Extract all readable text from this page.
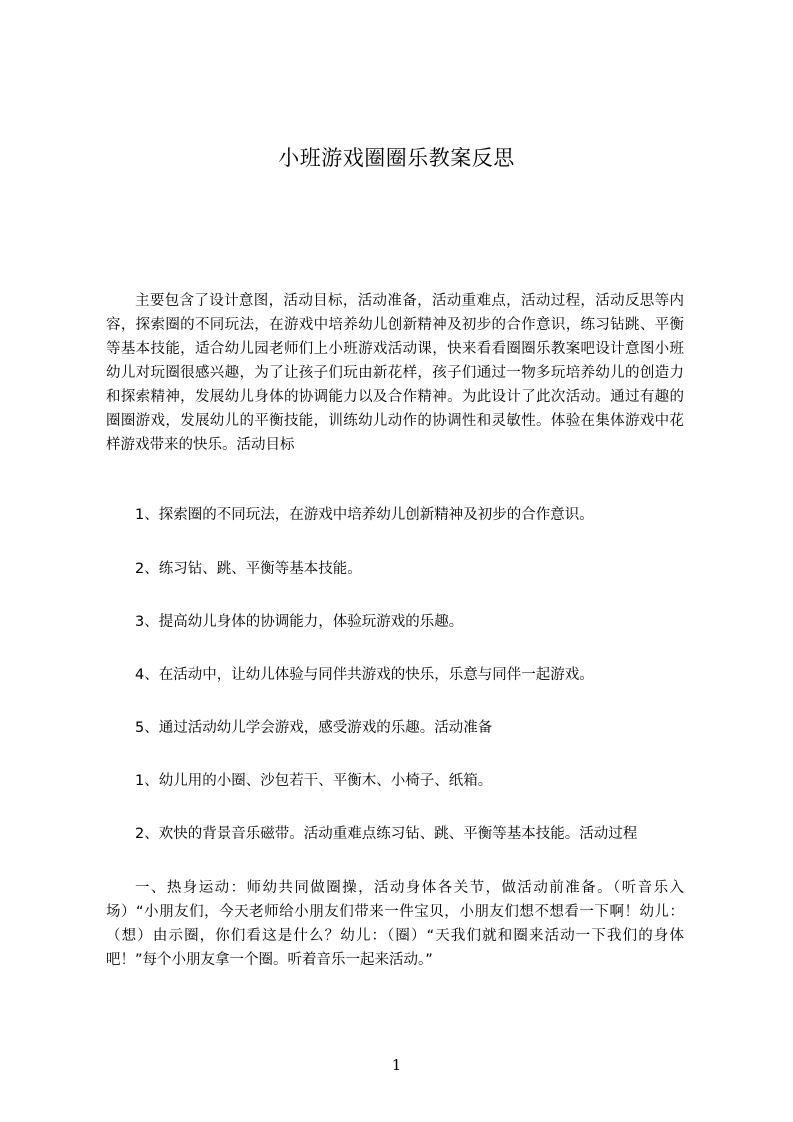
小班游戏圈圈乐教案反思

主要包含了设计意图，活动目标，活动准备，活动重难点，活动过程，活动反思等内容，探索圈的不同玩法，在游戏中培养幼儿创新精神及初步的合作意识，练习钻跳、平衡等基本技能，适合幼儿园老师们上小班游戏活动课，快来看看圈圈乐教案吧设计意图小班幼儿对玩圈很感兴趣，为了让孩子们玩由新花样，孩子们通过一物多玩培养幼儿的创造力和探索精神，发展幼儿身体的协调能力以及合作精神。为此设计了此次活动。通过有趣的圈圈游戏，发展幼儿的平衡技能，训练幼儿动作的协调性和灵敏性。体验在集体游戏中花样游戏带来的快乐。活动目标

1、探索圈的不同玩法，在游戏中培养幼儿创新精神及初步的合作意识。

2、练习钻、跳、平衡等基本技能。

3、提高幼儿身体的协调能力，体验玩游戏的乐趣。

4、在活动中，让幼儿体验与同伴共游戏的快乐，乐意与同伴一起游戏。

5、通过活动幼儿学会游戏，感受游戏的乐趣。活动准备

1、幼儿用的小圈、沙包若干、平衡木、小椅子、纸箱。

2、欢快的背景音乐磁带。活动重难点练习钻、跳、平衡等基本技能。活动过程

一、热身运动：师幼共同做圈操，活动身体各关节，做活动前准备。（听音乐入场）“小朋友们，今天老师给小朋友们带来一件宝贝，小朋友们想不想看一下啊！幼儿：（想）由示圈，你们看这是什么？幼儿：（圈）“天我们就和圈来活动一下我们的身体吧！”每个小朋友拿一个圈。听着音乐一起来活动。”

1
